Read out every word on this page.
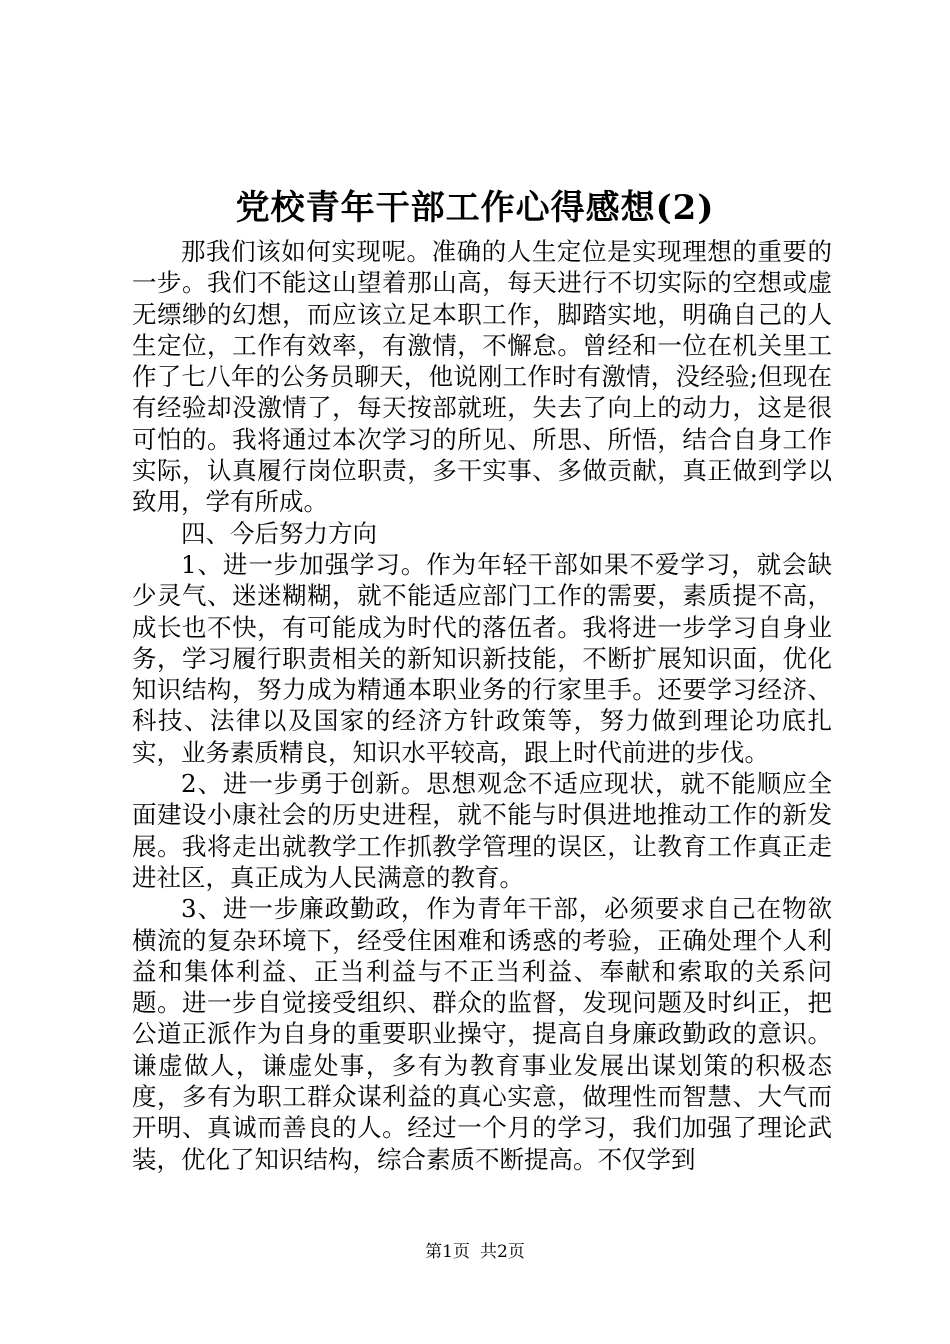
党校青年干部工作心得感想(2)

那我们该如何实现呢。准确的人生定位是实现理想的重要的一步。我们不能这山望着那山高，每天进行不切实际的空想或虚无缥缈的幻想，而应该立足本职工作，脚踏实地，明确自己的人生定位，工作有效率，有激情，不懈怠。曾经和一位在机关里工作了七八年的公务员聊天，他说刚工作时有激情，没经验;但现在有经验却没激情了，每天按部就班，失去了向上的动力，这是很可怕的。我将通过本次学习的所见、所思、所悟，结合自身工作实际，认真履行岗位职责，多干实事、多做贡献，真正做到学以致用，学有所成。

四、今后努力方向

1、进一步加强学习。作为年轻干部如果不爱学习，就会缺少灵气、迷迷糊糊，就不能适应部门工作的需要，素质提不高，成长也不快，有可能成为时代的落伍者。我将进一步学习自身业务，学习履行职责相关的新知识新技能，不断扩展知识面，优化知识结构，努力成为精通本职业务的行家里手。还要学习经济、科技、法律以及国家的经济方针政策等，努力做到理论功底扎实，业务素质精良，知识水平较高，跟上时代前进的步伐。

2、进一步勇于创新。思想观念不适应现状，就不能顺应全面建设小康社会的历史进程，就不能与时俱进地推动工作的新发展。我将走出就教学工作抓教学管理的误区，让教育工作真正走进社区，真正成为人民满意的教育。

3、进一步廉政勤政，作为青年干部，必须要求自己在物欲横流的复杂环境下，经受住困难和诱惑的考验，正确处理个人利益和集体利益、正当利益与不正当利益、奉献和索取的关系问题。进一步自觉接受组织、群众的监督，发现问题及时纠正，把公道正派作为自身的重要职业操守，提高自身廉政勤政的意识。谦虚做人，谦虚处事，多有为教育事业发展出谋划策的积极态度，多有为职工群众谋利益的真心实意，做理性而智慧、大气而开明、真诚而善良的人。经过一个月的学习，我们加强了理论武装，优化了知识结构，综合素质不断提高。不仅学到

第1页 共2页
